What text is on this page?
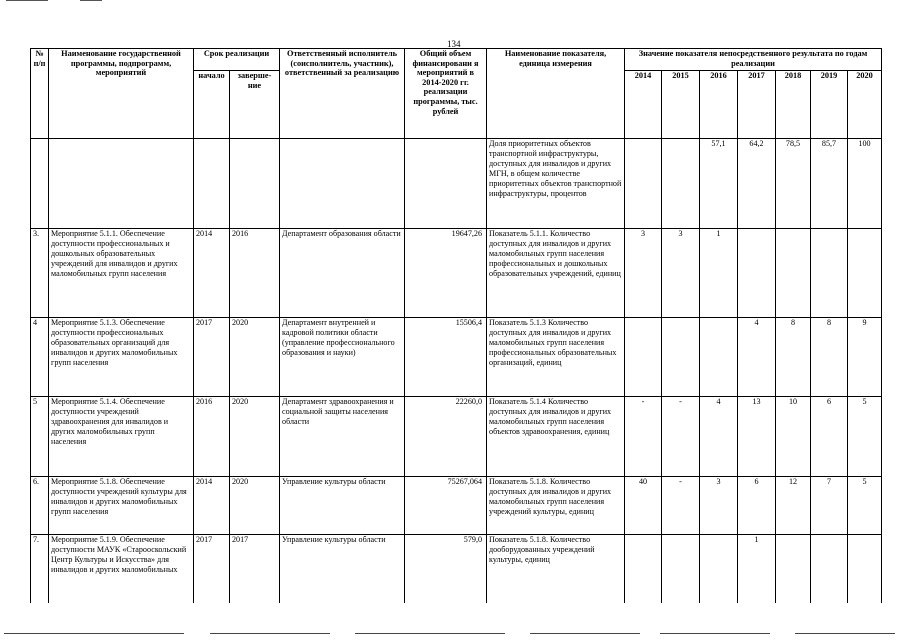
134
№ п/п	Наименование государственной программы, подпрограмм, мероприятий	Срок реализации		Ответственный исполнитель (соисполнитель, участник), ответственный за реализацию	Общий объем финансировани я мероприятий в 2014-2020 гг. реализации программы, тыс. рублей	Наименование показателя, единица измерения	Значение показателя непосредственного результата по годам реализации						
		начало	заверше-ние				2014	2015	2016	2017	2018	2019	2020
						Доля приоритетных объектов транспортной инфраструктуры, доступных для инвалидов и других МГН, в общем количестве приоритетных объектов транспортной инфраструктуры, процентов			57,1	64,2	78,5	85,7	100
3.	Мероприятие 5.1.1. Обеспечение доступности профессиональных и дошкольных образовательных учреждений для инвалидов и других маломобильных групп населения	2014	2016	Департамент образования области	19647,26	Показатель 5.1.1. Количество доступных для инвалидов и других маломобильных групп населения профессиональных и дошкольных образовательных учреждений, единиц	3	3	1				
4	Мероприятие 5.1.3. Обеспечение доступности профессиональных образовательных организаций для инвалидов и других маломобильных групп населения	2017	2020	Департамент внутренней и кадровой политики области (управление профессионального образования и науки)	15506,4	Показатель 5.1.3 Количество доступных для инвалидов и других маломобильных групп населения профессиональных образовательных организаций, единиц				4	8	8	9
5	Мероприятие 5.1.4. Обеспечение доступности учреждений здравоохранения для инвалидов и других маломобильных групп населения	2016	2020	Департамент здравоохранения и социальной защиты населения области	22260,0	Показатель 5.1.4 Количество доступных для инвалидов и других маломобильных групп населения объектов здравоохранения, единиц	-	-	4	13	10	6	5
6.	Мероприятие 5.1.8. Обеспечение доступности учреждений культуры для инвалидов и других маломобильных групп населения	2014	2020	Управление культуры области	75267,064	Показатель 5.1.8. Количество доступных для инвалидов и других маломобильных групп населения учреждений культуры, единиц	40	-	3	6	12	7	5
7.	Мероприятие 5.1.9. Обеспечение доступности МАУК «Старооскольский Центр Культуры и Искусства» для инвалидов и других маломобильных	2017	2017	Управление культуры области	579,0	Показатель 5.1.8. Количество дооборудованных учреждений культуры, единиц				1			
